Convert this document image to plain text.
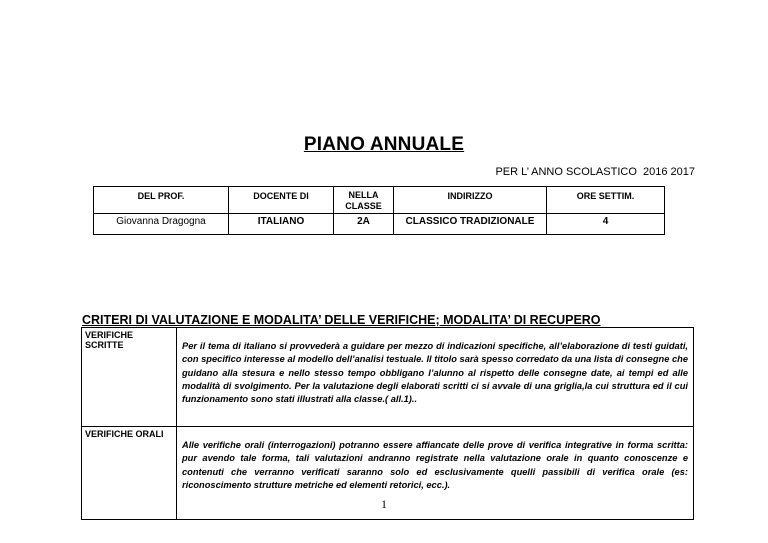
PIANO ANNUALE
PER L’ ANNO SCOLASTICO  2016 2017
DEL PROF.	DOCENTE DI	NELLA CLASSE	INDIRIZZO	ORE SETTIM.
Giovanna Dragogna	ITALIANO	2A	CLASSICO TRADIZIONALE	4
CRITERI DI VALUTAZIONE E MODALITA’ DELLE VERIFICHE; MODALITA’ DI RECUPERO
VERIFICHE SCRITTE	Per il tema di italiano si provvederà a guidare per mezzo di indicazioni specifiche, all’elaborazione di testi guidati, con specifico interesse al modello dell’analisi testuale. Il titolo sarà spesso corredato da una lista di consegne che guidano alla stesura e nello stesso tempo obbligano l’alunno al rispetto delle consegne date, ai tempi ed alle modalità di svolgimento. Per la valutazione degli elaborati scritti ci si avvale di una griglia,la cui struttura ed il cui funzionamento sono stati illustrati alla classe.( all.1)..
VERIFICHE ORALI	Alle verifiche orali (interrogazioni) potranno essere affiancate delle prove di verifica integrative in forma scritta: pur avendo tale forma, tali valutazioni andranno registrate nella valutazione orale in quanto conoscenze e contenuti che verranno verificati saranno solo ed esclusivamente quelli passibili di verifica orale (es: riconoscimento strutture metriche ed elementi retorici, ecc.).
1
